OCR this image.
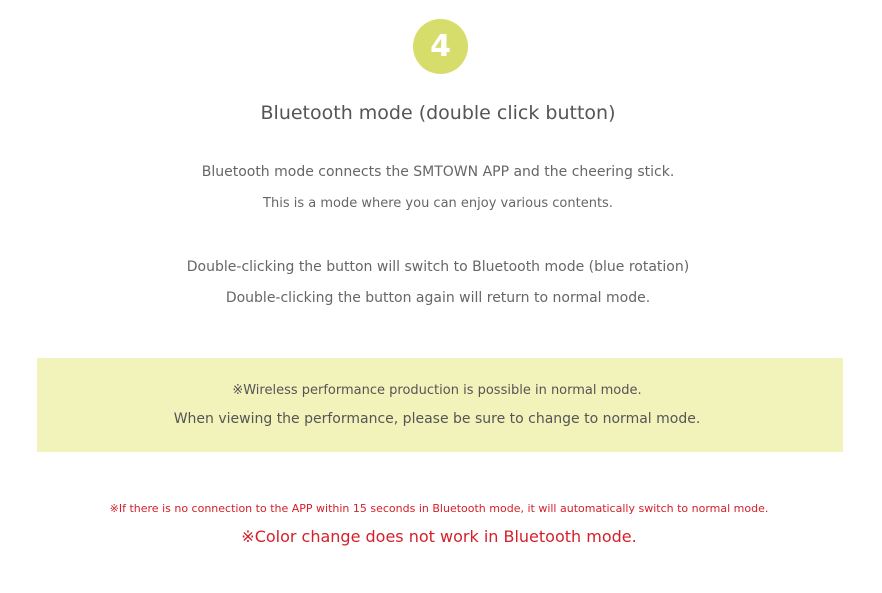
4
Bluetooth mode (double click button)

Bluetooth mode connects the SMTOWN APP and the cheering stick.

This is a mode where you can enjoy various contents.

Double-clicking the button will switch to Bluetooth mode (blue rotation)

Double-clicking the button again will return to normal mode.

※Wireless performance production is possible in normal mode.

When viewing the performance, please be sure to change to normal mode.

※If there is no connection to the APP within 15 seconds in Bluetooth mode, it will automatically switch to normal mode.

※Color change does not work in Bluetooth mode.
